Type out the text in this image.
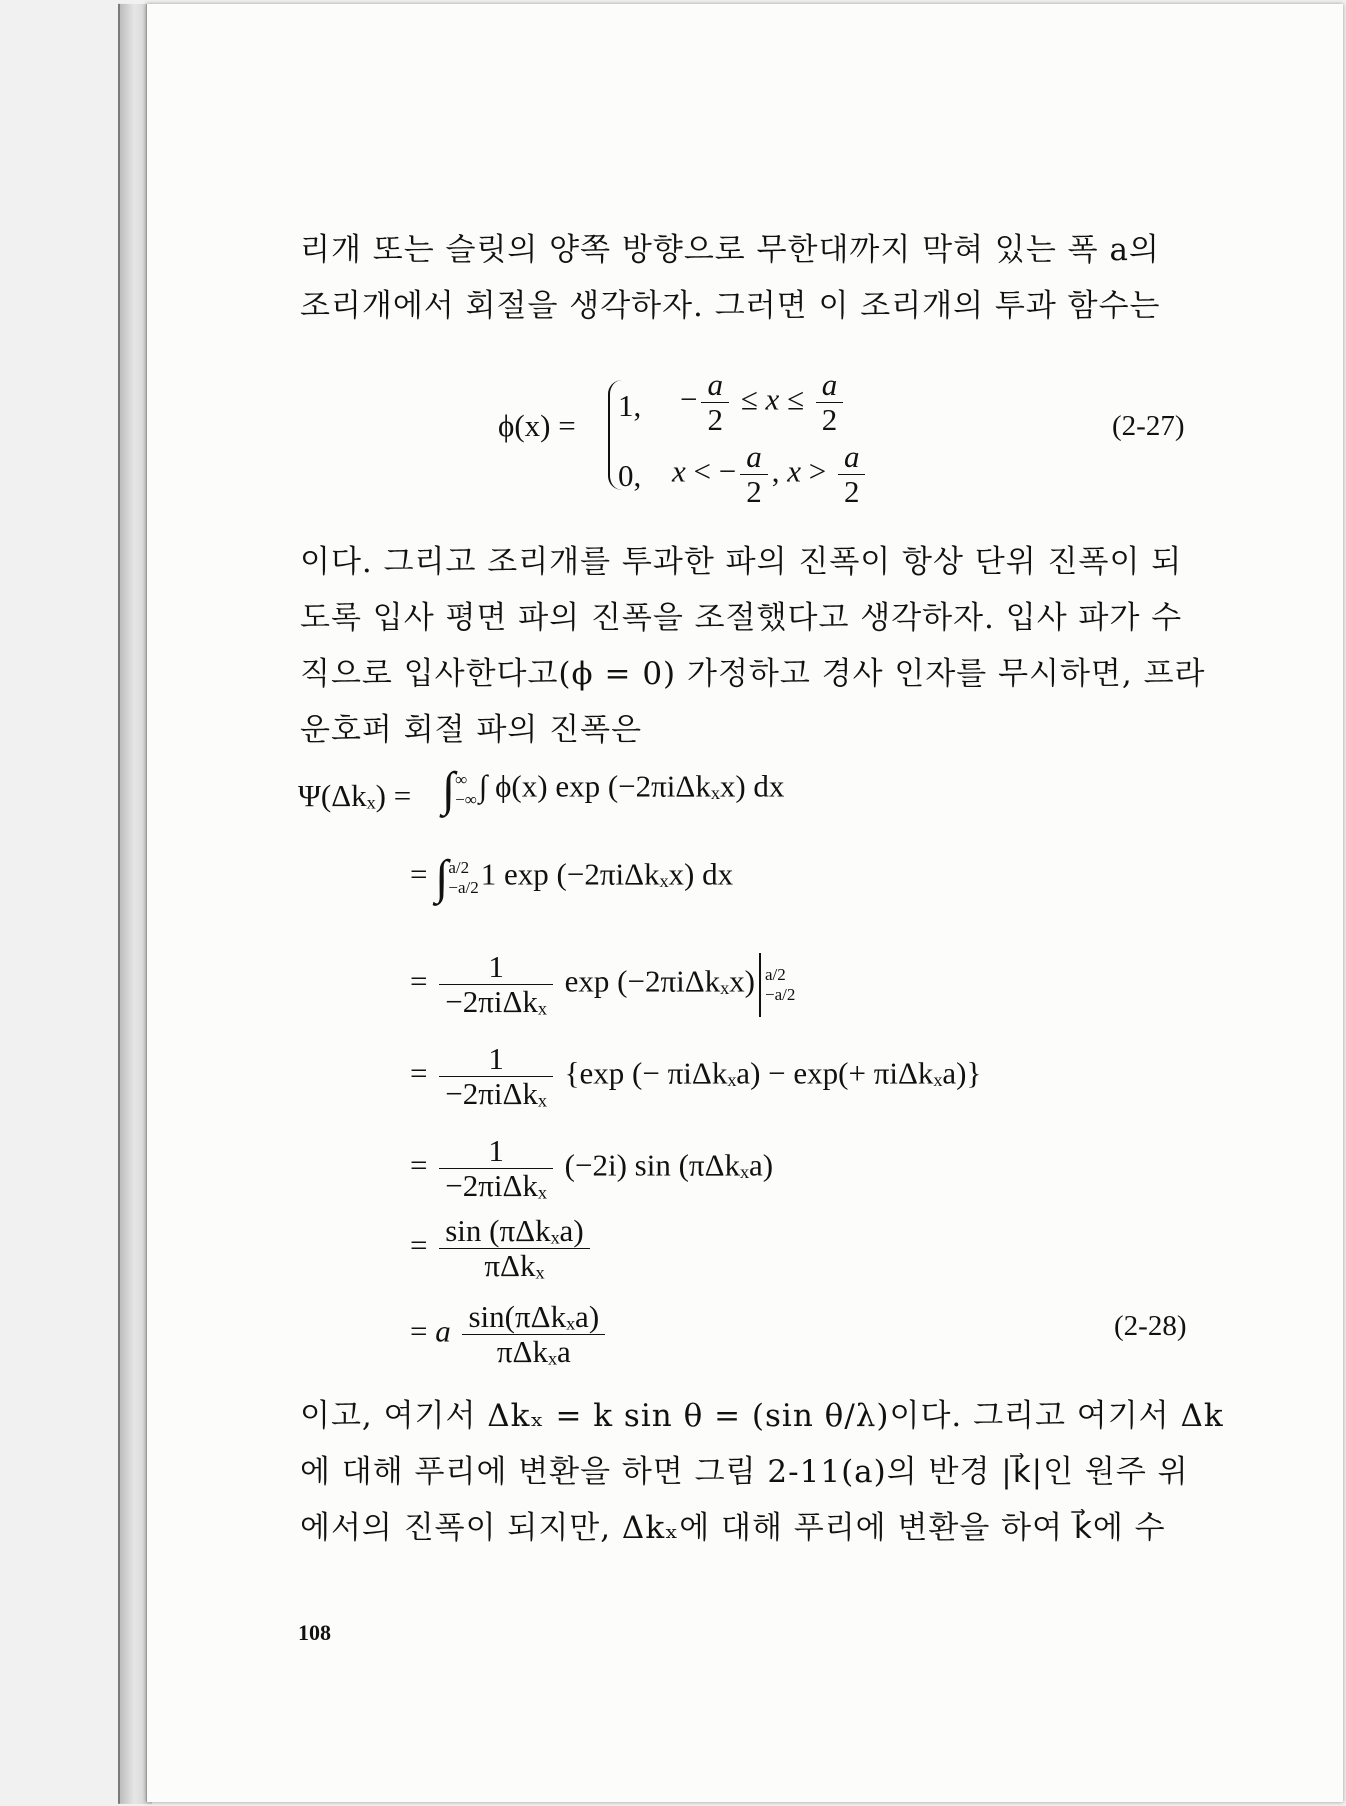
리개 또는 슬릿의 양쪽 방향으로 무한대까지 막혀 있는 폭 a의
조리개에서 회절을 생각하자. 그러면 이 조리개의 투과 함수는
ϕ(x) =
1, − $\frac{a}{2} \le x \le \frac{a}{2}$
0, x < − $\frac{a}{2}$ , $x > \frac{a}{2}$
(2-27)
이다. 그리고 조리개를 투과한 파의 진폭이 항상 단위 진폭이 되
도록 입사 평면 파의 진폭을 조절했다고 생각하자. 입사 파가 수
직으로 입사한다고(ϕ = 0) 가정하고 경사 인자를 무시하면, 프라
운호퍼 회절 파의 진폭은
Ψ(Δkₓ) = ∫ ∞
−∞ ∫ ϕ(x) exp (−2πiΔkₓx) dx
= ∫ a/2
−a/2 1 exp (−2πiΔkₓx) dx
= $\frac{1}{\text{−2πiΔkₓ}}$ exp (−2πiΔkₓx) a/2
−a/2
= $\frac{1}{\text{−2πiΔkₓ}} \{\exp$ (− πiΔkₓa) − exp(+ πiΔkₓa)}
= $\frac{1}{\text{−2πiΔkₓ}} (-2i)$ sin (πΔkₓa)
= $\frac{\text{sin (πΔkₓa)}}{\text{πΔkₓ}}$
= a $\frac{\text{sin(πΔkₓa)}}{\text{πΔkₓa}}$	(2-28)
이고, 여기서 Δkₓ = k sin θ = (sin θ/λ)이다. 그리고 여기서 Δk
에 대해 푸리에 변환을 하면 그림 2-11(a)의 반경 |k⃗|인 원주 위
에서의 진폭이 되지만, Δkₓ에 대해 푸리에 변환을 하여 k⃗에 수
108
